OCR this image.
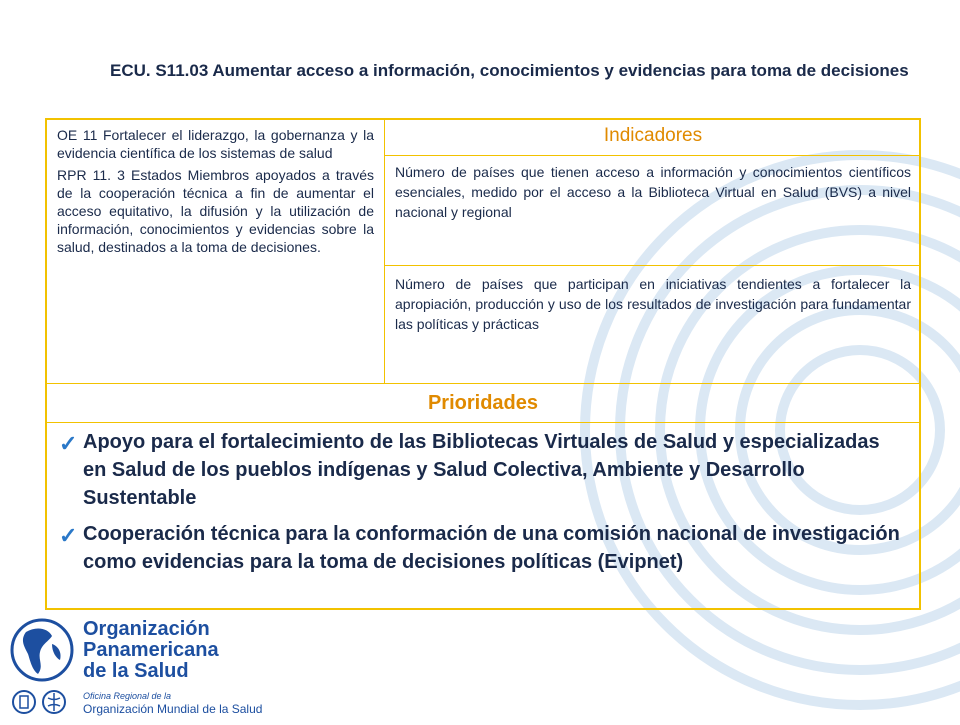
ECU. S11.03 Aumentar acceso a información, conocimientos y evidencias para toma de decisiones

OE 11 Fortalecer el liderazgo, la gobernanza y la evidencia científica de los sistemas de salud

RPR 11. 3 Estados Miembros apoyados a través de la cooperación técnica a fin de aumentar el acceso equitativo, la difusión y la utilización de información, conocimientos y evidencias sobre la salud, destinados a la toma de decisiones.

Indicadores
Número de países que tienen acceso a información y conocimientos científicos esenciales, medido por el acceso a la Biblioteca Virtual en Salud (BVS) a nivel nacional y regional
Número de países que participan en iniciativas tendientes a fortalecer la apropiación, producción y uso de los resultados de investigación para fundamentar las políticas y prácticas
Prioridades
✓ Apoyo para el fortalecimiento de las Bibliotecas Virtuales de Salud y especializadas en Salud de los pueblos indígenas y Salud Colectiva, Ambiente y Desarrollo Sustentable
✓ Cooperación técnica para la conformación de una comisión nacional de investigación como evidencias para la toma de decisiones políticas (Evipnet)
Organización
Panamericana
de la Salud
Oficina Regional de la
Organización Mundial de la Salud
